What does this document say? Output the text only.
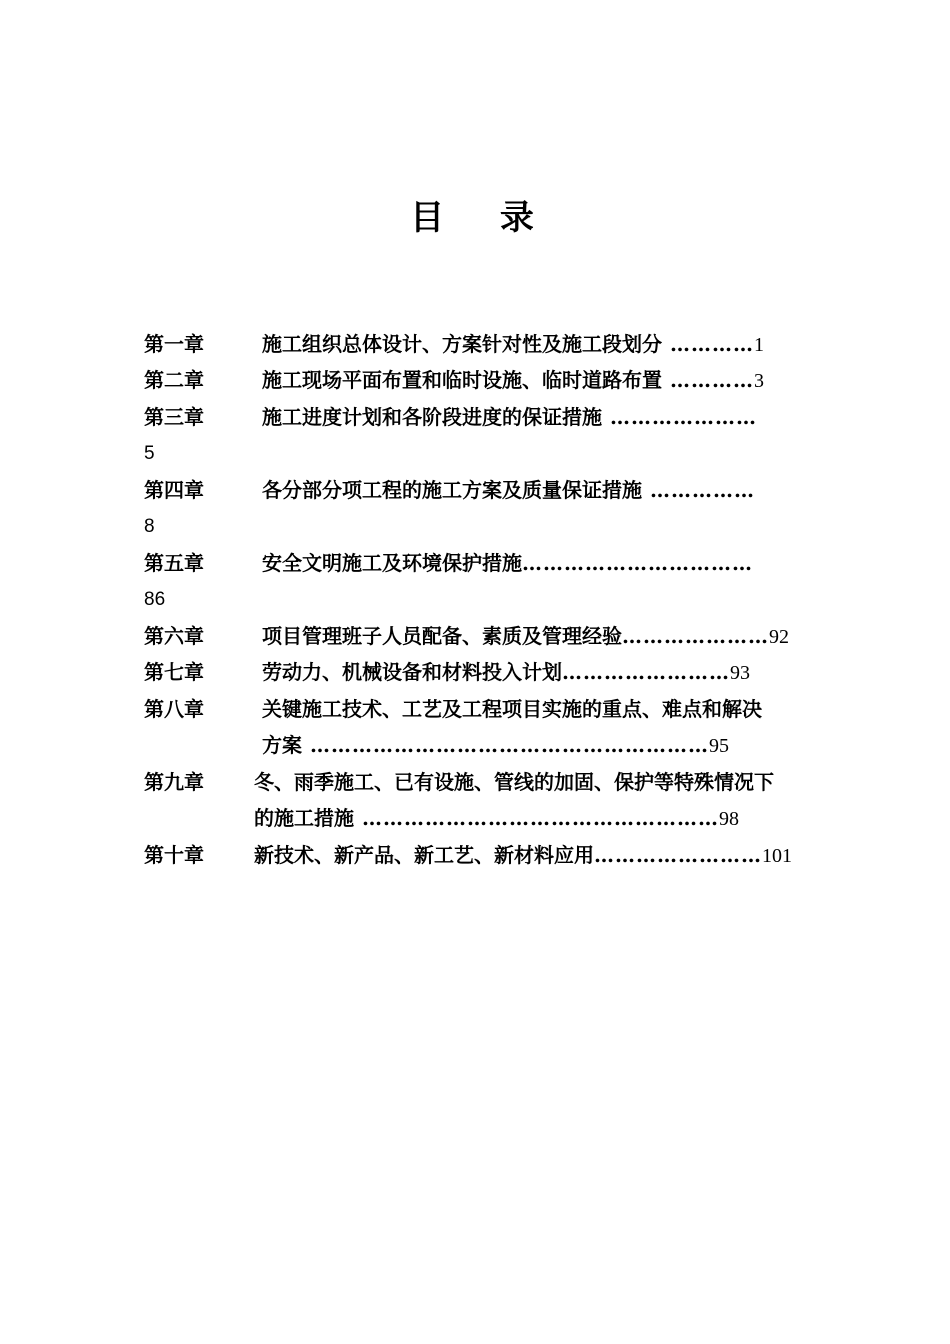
目 录
第一章	施工组织总体设计、方案针对性及施工段划分 …………1
第二章	施工现场平面布置和临时设施、临时道路布置 …………3
第三章	施工进度计划和各阶段进度的保证措施 …………………
5
第四章	各分部分项工程的施工方案及质量保证措施 ……………
8
第五章	安全文明施工及环境保护措施……………………………
86
第六章	项目管理班子人员配备、素质及管理经验…………………92
第七章	劳动力、机械设备和材料投入计划……………………93
第八章	关键施工技术、工艺及工程项目实施的重点、难点和解决
方案 …………………………………………………95
第九章	冬、雨季施工、已有设施、管线的加固、保护等特殊情况下
的施工措施 ……………………………………………98
第十章	新技术、新产品、新工艺、新材料应用……………………101
